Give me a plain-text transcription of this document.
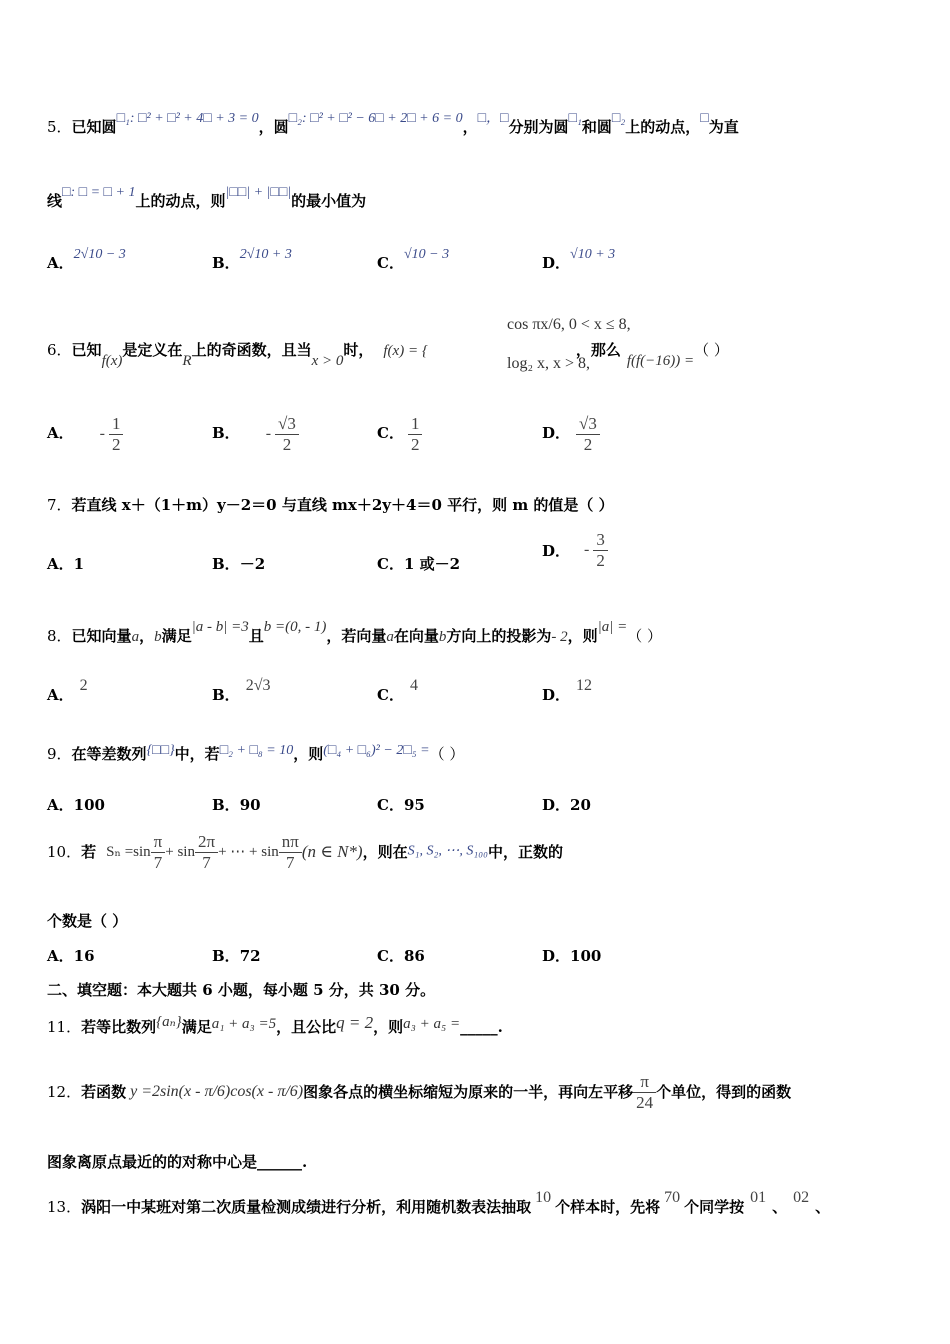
5．已知圆□₁: □² + □² + 4□ + 3 = 0，圆□₂: □² + □² − 6□ + 2□ + 6 = 0，□，□分别为圆□₁和圆□₂上的动点，□为直
线□: □ = □ + 1上的动点，则|□□| + |□□|的最小值为
A．2√10 − 3	B．2√10 + 3	C．√10 − 3	D．√10 + 3
6．已知f(x)是定义在R上的奇函数，且当x > 0时， f(x) = {	，那么f(f(−16)) =（ ）
cos πx/6, 0 < x ≤ 8,
log₂ x, x > 8,
A． - $\frac{1}{2}$	B． - $\frac{√3}{2}$	C． $\frac{1}{2}$	D． $\frac{√3}{2}$
7．若直线 x＋（1＋m）y－2＝0 与直线 mx＋2y＋4＝0 平行，则 m 的值是（ ）
A．1	B．－2	C．1 或－2
D． - $\frac{3}{2}$
8．已知向量a，b满足|a - b| =3且b =(0, - 1)，若向量a在向量b方向上的投影为- 2，则|a| =（ ）
A．2
B．2√3
C．4
D．12
9．在等差数列{□□}中，若□₂ + □₈ = 10，则(□₄ + □₆)² − 2□₅ =（ ）
A．100	B．90	C．95	D．20
10．若 $S_n =\sin \frac{\pi}{7} + \sin \frac{2\pi}{7}$ + ⋯ + $\sin \frac{n\pi}{7} (n$ ∈ N*)，则在S₁, S₂, ⋯, S₁₀₀中，正数的
个数是（ ）
A．16	B．72	C．86	D．100
二、填空题：本大题共 6 小题，每小题 5 分，共 30 分。
11．若等比数列{aₙ}满足a₁ + a₃ =5，且公比q = 2，则a₃ + a₅ =_____.
12．若函数 y =2sin(x - π/6)cos(x - π/6)图象各点的横坐标缩短为原来的一半，再向左平移 $\frac{\pi}{24}$ 个单位，得到的函数
图象离原点最近的的对称中心是______.
13．涡阳一中某班对第二次质量检测成绩进行分析，利用随机数表法抽取10个样本时，先将70个同学按01、02、
